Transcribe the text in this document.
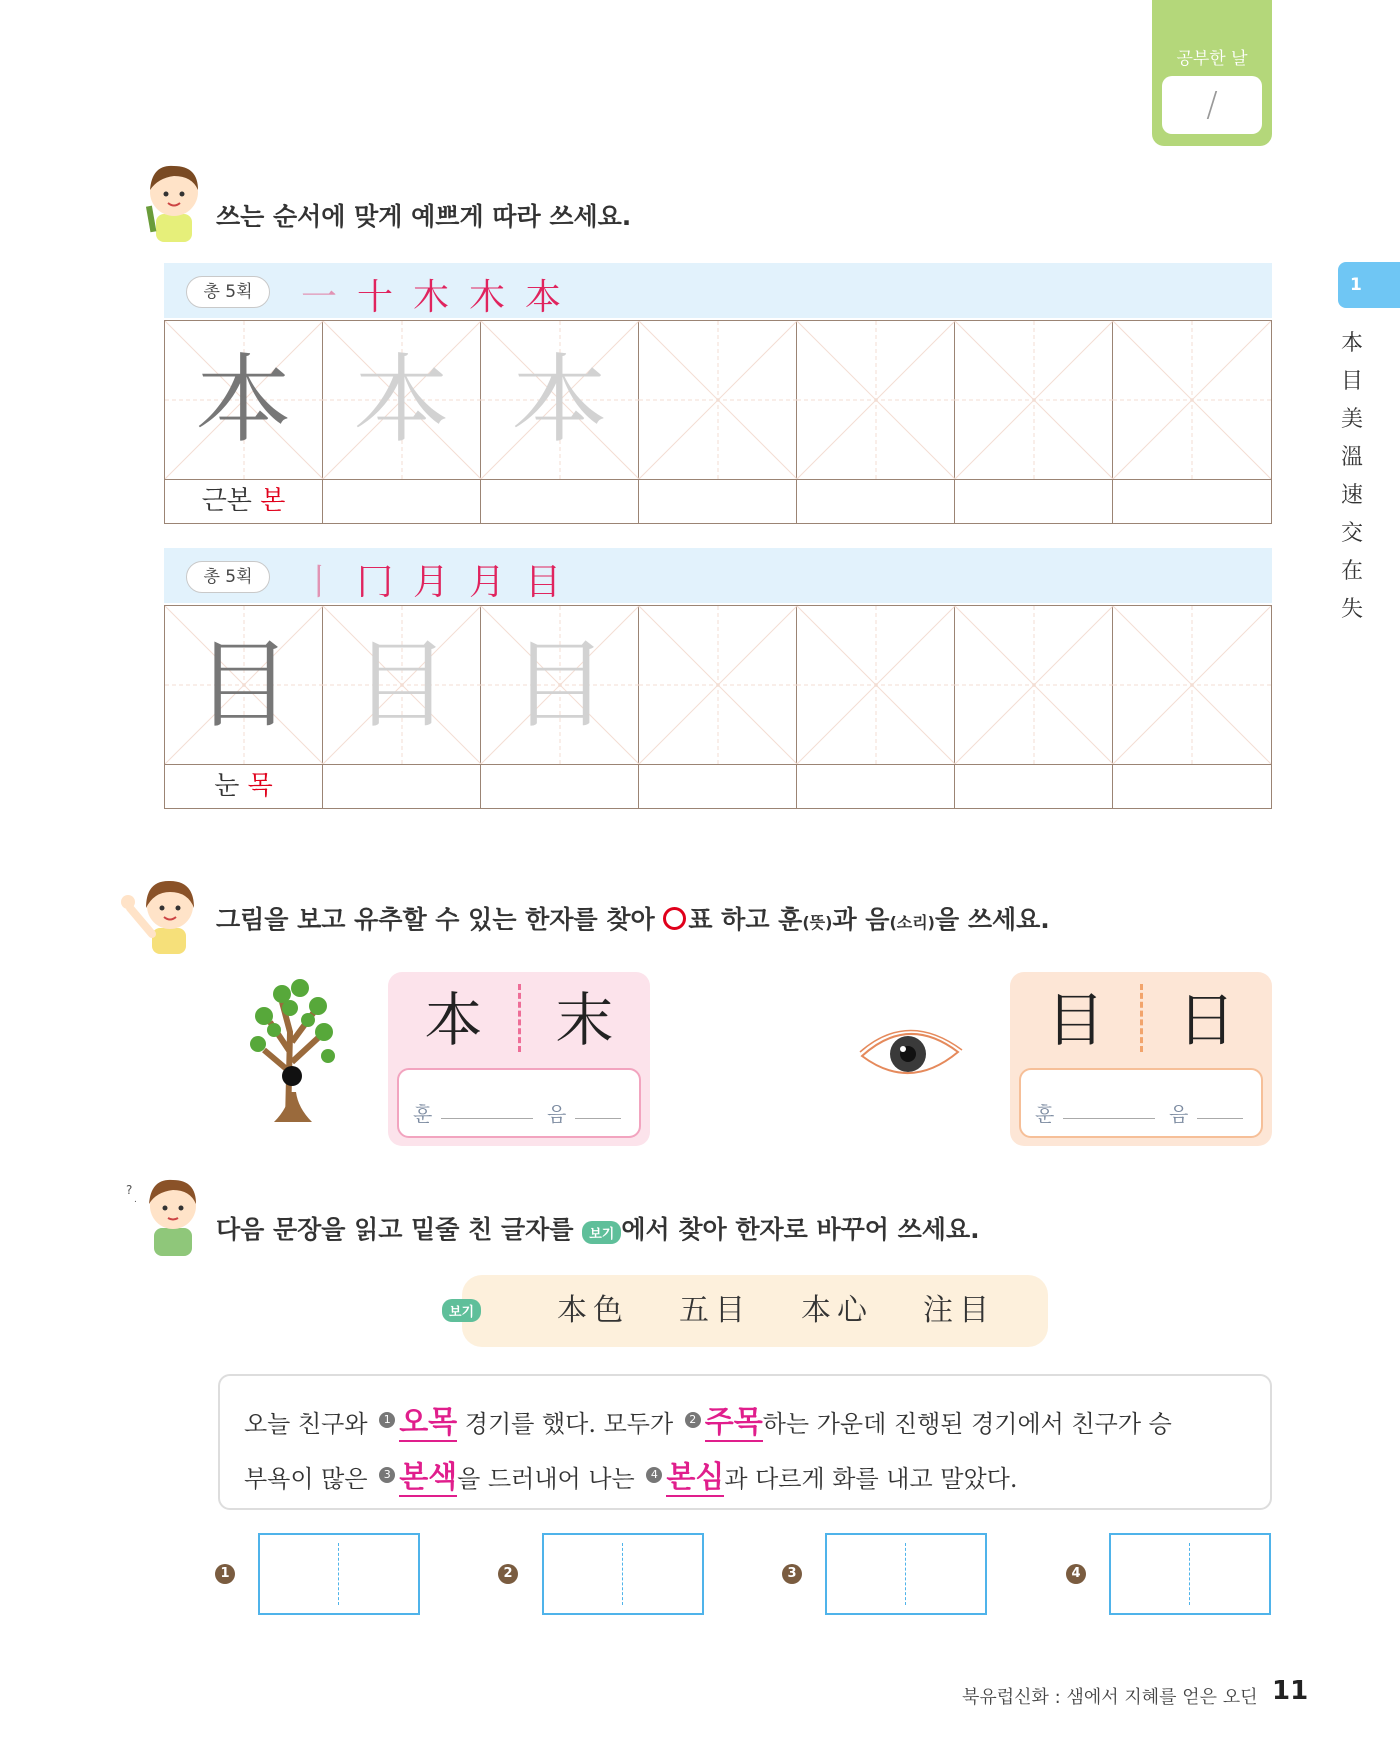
공부한 날
/
1
本
目
美
溫
速
交
在
失
쓰는 순서에 맞게 예쁘게 따라 쓰세요.
총 5획	一 十 木 木 本
本
근본 본
本 本
총 5획	丨 冂 月 月 目
目
눈 목
目 目
그림을 보고 유추할 수 있는 한자를 찾아 ○ 표 하고 훈(뜻)과 음(소리)을 쓰세요.
本	末
훈	음
目	日
훈	음
?
.
다음 문장을 읽고 밑줄 친 글자를 보기 에서 찾아 한자로 바꾸어 쓰세요.
보기	本色 五目 本心 注目
오늘 친구와 1 오목 경기를 했다. 모두가 2 주목하는 가운데 진행된 경기에서 친구가 승
부욕이 많은 3 본색을 드러내어 나는 4 본심과 다르게 화를 내고 말았다.
1	2	3	4
북유럽신화 : 샘에서 지혜를 얻은 오딘 11
